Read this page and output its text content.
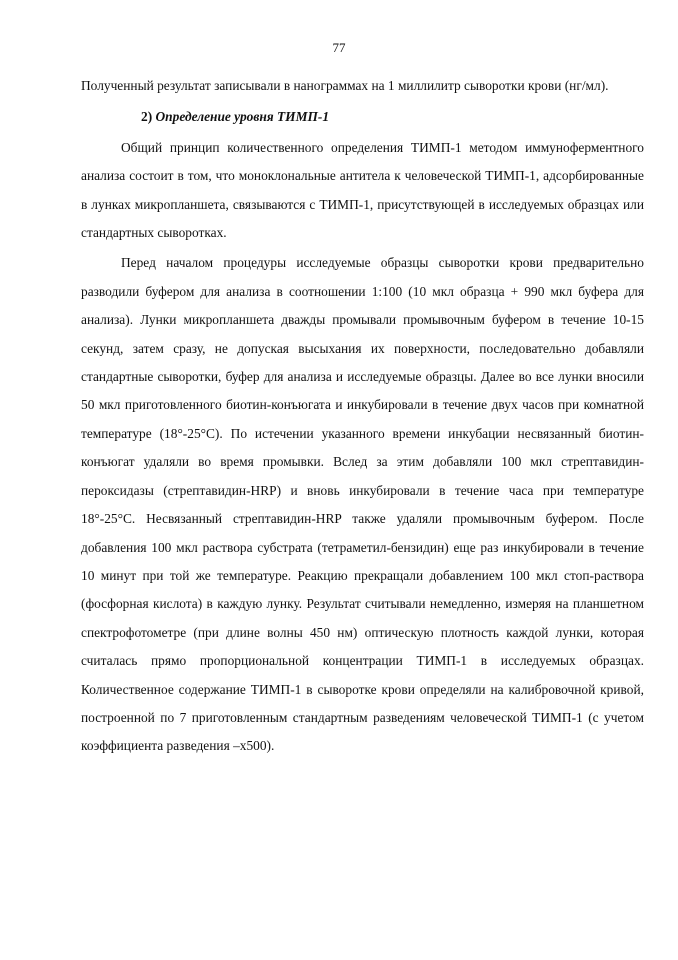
77

Полученный результат записывали в нанограммах на 1 миллилитр сыворотки крови (нг/мл).

2) Определение уровня ТИМП-1

Общий принцип количественного определения ТИМП-1 методом иммуноферментного анализа состоит в том, что моноклональные антитела к человеческой ТИМП-1, адсорбированные в лунках микропланшета, связываются с ТИМП-1, присутствующей в исследуемых образцах или стандартных сыворотках.

Перед началом процедуры исследуемые образцы сыворотки крови предварительно разводили буфером для анализа в соотношении 1:100 (10 мкл образца + 990 мкл буфера для анализа). Лунки микропланшета дважды промывали промывочным буфером в течение 10-15 секунд, затем сразу, не допуская высыхания их поверхности, последовательно добавляли стандартные сыворотки, буфер для анализа и исследуемые образцы. Далее во все лунки вносили 50 мкл приготовленного биотин-конъюгата и инкубировали в течение двух часов при комнатной температуре (18°-25°С). По истечении указанного времени инкубации несвязанный биотин-конъюгат удаляли во время промывки. Вслед за этим добавляли 100 мкл стрептавидин-пероксидазы (стрептавидин-HRP) и вновь инкубировали в течение часа при температуре 18°-25°С. Несвязанный стрептавидин-HRP также удаляли промывочным буфером. После добавления 100 мкл раствора субстрата (тетраметил-бензидин) еще раз инкубировали в течение 10 минут при той же температуре. Реакцию прекращали добавлением 100 мкл стоп-раствора (фосфорная кислота) в каждую лунку. Результат считывали немедленно, измеряя на планшетном спектрофотометре (при длине волны 450 нм) оптическую плотность каждой лунки, которая считалась прямо пропорциональной концентрации ТИМП-1 в исследуемых образцах. Количественное содержание ТИМП-1 в сыворотке крови определяли на калибровочной кривой, построенной по 7 приготовленным стандартным разведениям человеческой ТИМП-1 (с учетом коэффициента разведения –х500).
